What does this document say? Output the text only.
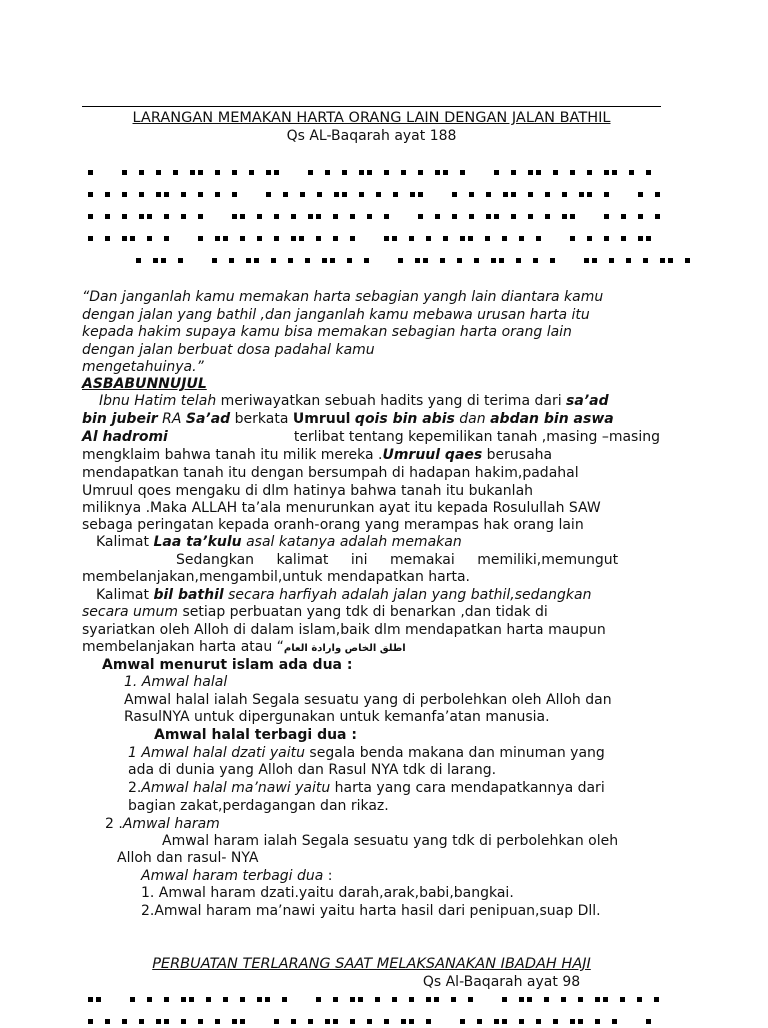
LARANGAN MEMAKAN HARTA ORANG LAIN DENGAN JALAN BATHIL
Qs AL-Baqarah ayat 188
“Dan janganlah kamu memakan harta sebagian yangh lain diantara kamu
dengan jalan yang bathil ,dan janganlah kamu mebawa urusan harta itu
kepada hakim supaya kamu bisa memakan sebagian harta orang lain
dengan jalan berbuat dosa padahal kamu
mengetahuinya.”
ASBABUNNUJUL
Ibnu Hatim telah meriwayatkan sebuah hadits yang di terima dari sa’ad
bin jubeir RA Sa’ad berkata Umruul qois bin abis dan abdan bin aswa
Al hadromi	terlibat tentang kepemilikan tanah ,masing –masing
mengklaim bahwa tanah itu milik mereka .Umruul qaes berusaha
mendapatkan tanah itu dengan bersumpah di hadapan hakim,padahal
Umruul qoes mengaku di dlm hatinya bahwa tanah itu bukanlah
miliknya .Maka ALLAH ta’ala menurunkan ayat itu kepada Rosulullah SAW
sebaga peringatan kepada oranh-orang yang merampas hak orang lain
Kalimat Laa ta’kulu asal katanya adalah memakan
Sedangkan kalimat ini memakai memiliki,memungut
membelanjakan,mengambil,untuk mendapatkan harta.
Kalimat bil bathil secara harfiyah adalah jalan yang bathil,sedangkan
secara umum setiap perbuatan yang tdk di benarkan ,dan tidak di
syariatkan oleh Alloh di dalam islam,baik dlm mendapatkan harta maupun
membelanjakan harta atau “اطلق الخاص وارادة العام
Amwal menurut islam ada dua :
1. Amwal halal
Amwal halal ialah Segala sesuatu yang di perbolehkan oleh Alloh dan
RasulNYA untuk dipergunakan untuk kemanfa’atan manusia.
Amwal halal terbagi dua :
1 Amwal halal dzati yaitu segala benda makana dan minuman yang
ada di dunia yang Alloh dan Rasul NYA tdk di larang.
2.Amwal halal ma’nawi yaitu harta yang cara mendapatkannya dari
bagian zakat,perdagangan dan rikaz.
2 .Amwal haram
Amwal haram ialah Segala sesuatu yang tdk di perbolehkan oleh
Alloh dan rasul- NYA
Amwal haram terbagi dua :
1. Amwal haram dzati.yaitu darah,arak,babi,bangkai.
2.Amwal haram ma’nawi yaitu harta hasil dari penipuan,suap Dll.
PERBUATAN TERLARANG SAAT MELAKSANAKAN IBADAH HAJI
Qs Al-Baqarah ayat 98
